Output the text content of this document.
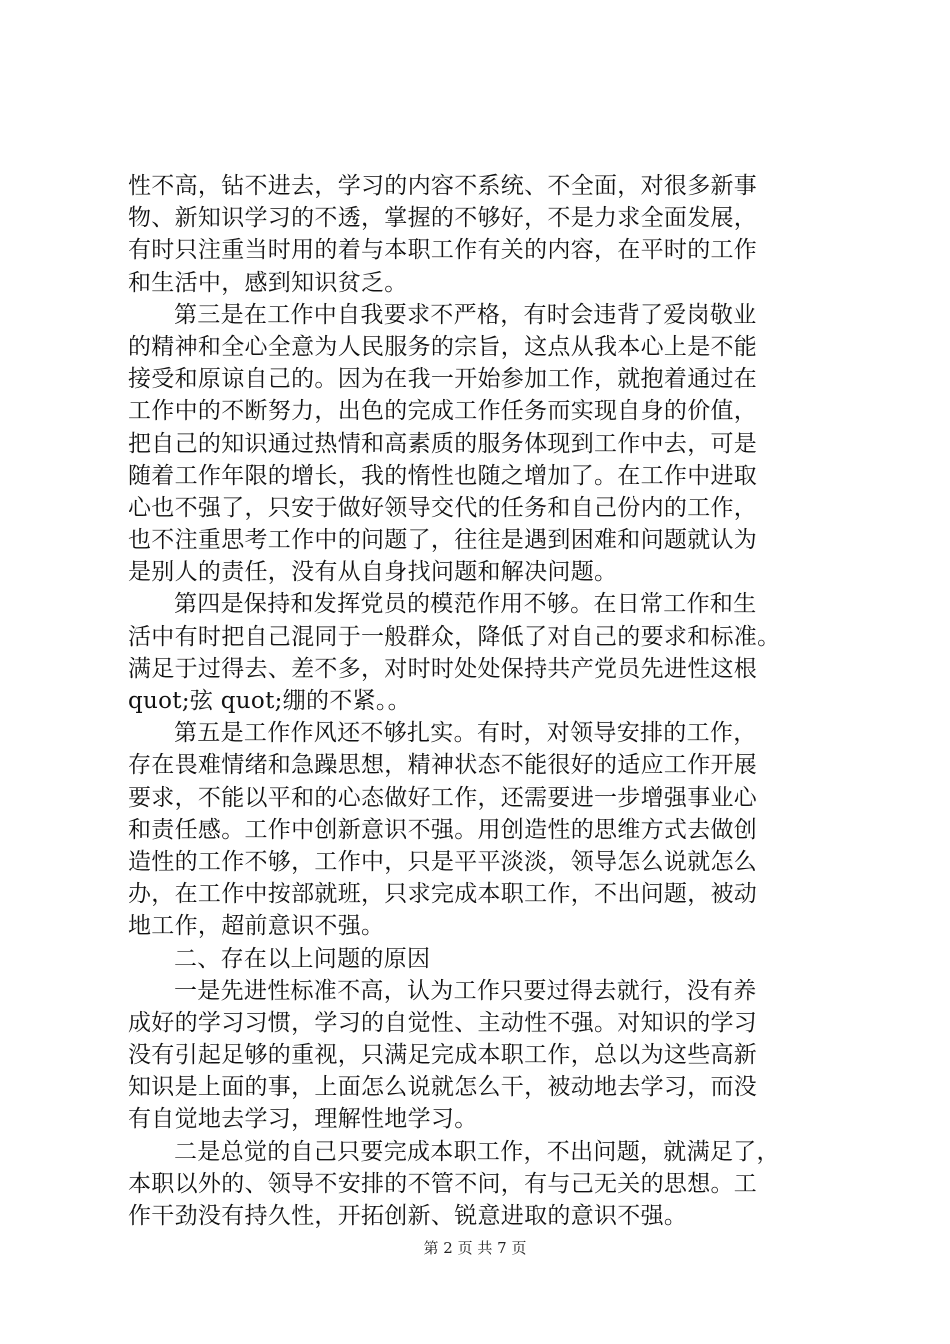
性不高，钻不进去，学习的内容不系统、不全面，对很多新事
物、新知识学习的不透，掌握的不够好，不是力求全面发展，
有时只注重当时用的着与本职工作有关的内容，在平时的工作
和生活中，感到知识贫乏。
第三是在工作中自我要求不严格，有时会违背了爱岗敬业
的精神和全心全意为人民服务的宗旨，这点从我本心上是不能
接受和原谅自己的。因为在我一开始参加工作，就抱着通过在
工作中的不断努力，出色的完成工作任务而实现自身的价值，
把自己的知识通过热情和高素质的服务体现到工作中去，可是
随着工作年限的增长，我的惰性也随之增加了。在工作中进取
心也不强了，只安于做好领导交代的任务和自己份内的工作，
也不注重思考工作中的问题了，往往是遇到困难和问题就认为
是别人的责任，没有从自身找问题和解决问题。
第四是保持和发挥党员的模范作用不够。在日常工作和生
活中有时把自己混同于一般群众，降低了对自己的要求和标准。
满足于过得去、差不多，对时时处处保持共产党员先进性这根
quot;弦 quot;绷的不紧。。
第五是工作作风还不够扎实。有时，对领导安排的工作，
存在畏难情绪和急躁思想，精神状态不能很好的适应工作开展
要求，不能以平和的心态做好工作，还需要进一步增强事业心
和责任感。工作中创新意识不强。用创造性的思维方式去做创
造性的工作不够，工作中，只是平平淡淡，领导怎么说就怎么
办，在工作中按部就班，只求完成本职工作，不出问题，被动
地工作，超前意识不强。
二、存在以上问题的原因
一是先进性标准不高，认为工作只要过得去就行，没有养
成好的学习习惯，学习的自觉性、主动性不强。对知识的学习
没有引起足够的重视，只满足完成本职工作，总以为这些高新
知识是上面的事，上面怎么说就怎么干，被动地去学习，而没
有自觉地去学习，理解性地学习。
二是总觉的自己只要完成本职工作，不出问题，就满足了，
本职以外的、领导不安排的不管不问，有与己无关的思想。工
作干劲没有持久性，开拓创新、锐意进取的意识不强。
第 2 页 共 7 页
